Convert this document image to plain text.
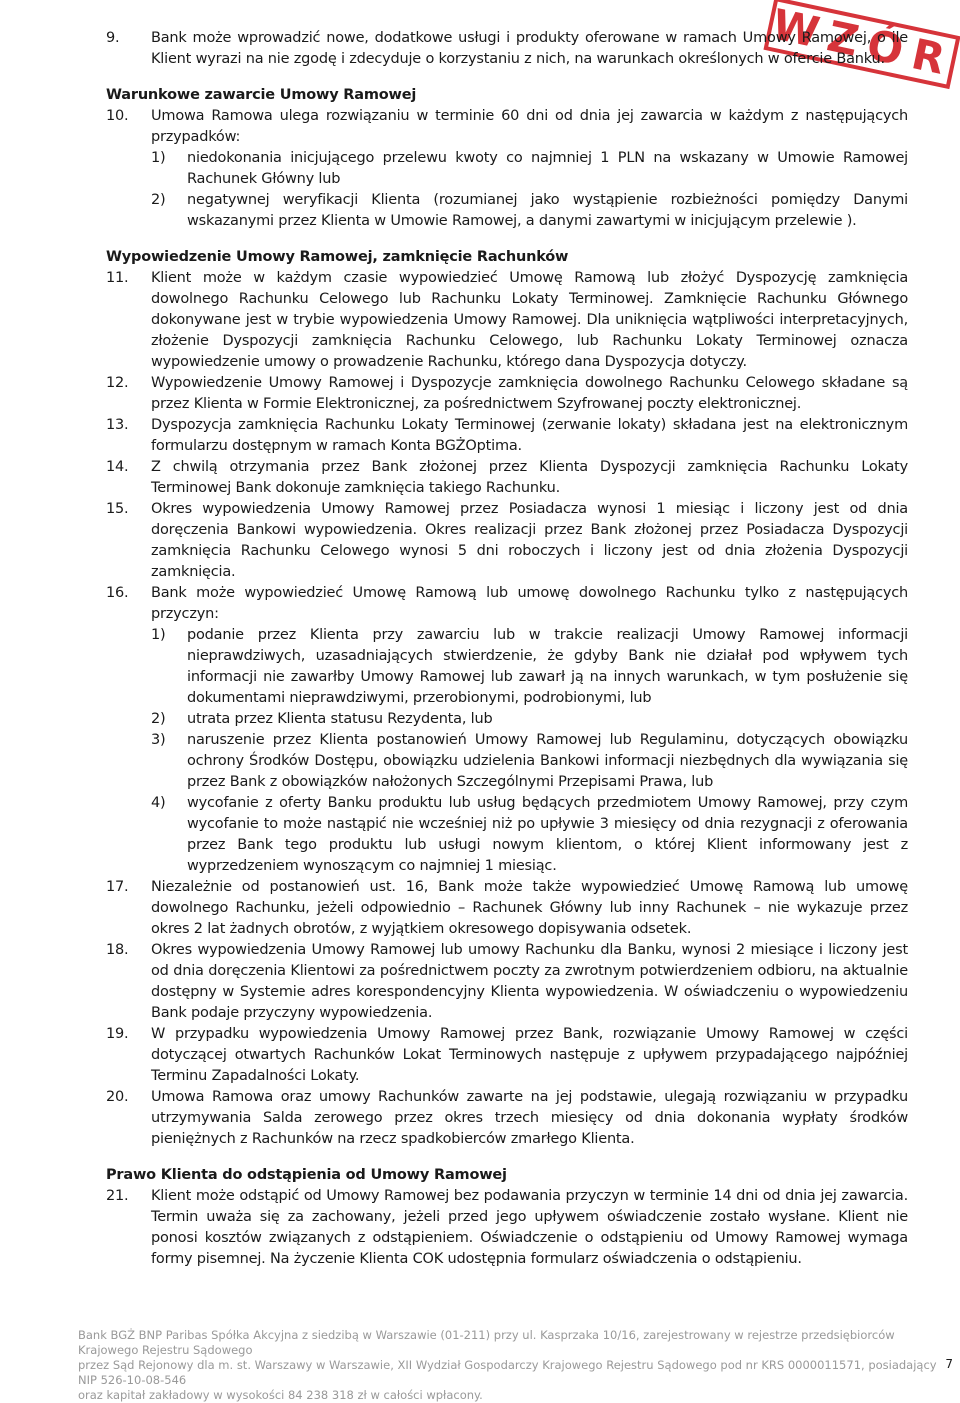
WZÓR
9.	Bank może wprowadzić nowe, dodatkowe usługi i produkty oferowane w ramach Umowy Ramowej, o ile Klient wyrazi na nie zgodę i zdecyduje o korzystaniu z nich, na warunkach określonych w ofercie Banku.
Warunkowe zawarcie Umowy Ramowej
10.	Umowa Ramowa ulega rozwiązaniu w terminie 60 dni od dnia jej zawarcia w każdym z następujących przypadków:
1)	niedokonania inicjującego przelewu kwoty co najmniej 1 PLN na wskazany w Umowie Ramowej Rachunek Główny lub
2)	negatywnej weryfikacji Klienta (rozumianej jako wystąpienie rozbieżności pomiędzy Danymi wskazanymi przez Klienta w Umowie Ramowej, a danymi zawartymi w inicjującym przelewie ).
Wypowiedzenie Umowy Ramowej, zamknięcie Rachunków
11.	Klient może w każdym czasie wypowiedzieć Umowę Ramową lub złożyć Dyspozycję zamknięcia dowolnego Rachunku Celowego lub Rachunku Lokaty Terminowej. Zamknięcie Rachunku Głównego dokonywane jest w trybie wypowiedzenia Umowy Ramowej. Dla uniknięcia wątpliwości interpretacyjnych, złożenie Dyspozycji zamknięcia Rachunku Celowego, lub Rachunku Lokaty Terminowej oznacza wypowiedzenie umowy o prowadzenie Rachunku, którego dana Dyspozycja dotyczy.
12.	Wypowiedzenie Umowy Ramowej i Dyspozycje zamknięcia dowolnego Rachunku Celowego składane są przez Klienta w Formie Elektronicznej, za pośrednictwem Szyfrowanej poczty elektronicznej.
13.	Dyspozycja zamknięcia Rachunku Lokaty Terminowej (zerwanie lokaty) składana jest na elektronicznym formularzu dostępnym w ramach Konta BGŻOptima.
14.	Z chwilą otrzymania przez Bank złożonej przez Klienta Dyspozycji zamknięcia Rachunku Lokaty Terminowej Bank dokonuje zamknięcia takiego Rachunku.
15.	Okres wypowiedzenia Umowy Ramowej przez Posiadacza wynosi 1 miesiąc i liczony jest od dnia doręczenia Bankowi wypowiedzenia. Okres realizacji przez Bank złożonej przez Posiadacza Dyspozycji zamknięcia Rachunku Celowego wynosi 5 dni roboczych i liczony jest od dnia złożenia Dyspozycji zamknięcia.
16.	Bank może wypowiedzieć Umowę Ramową lub umowę dowolnego Rachunku tylko z następujących przyczyn:
1)	podanie przez Klienta przy zawarciu lub w trakcie realizacji Umowy Ramowej informacji nieprawdziwych, uzasadniających stwierdzenie, że gdyby Bank nie działał pod wpływem tych informacji nie zawarłby Umowy Ramowej lub zawarł ją na innych warunkach, w tym posłużenie się dokumentami nieprawdziwymi, przerobionymi, podrobionymi, lub
2)	utrata przez Klienta statusu Rezydenta, lub
3)	naruszenie przez Klienta postanowień Umowy Ramowej lub Regulaminu, dotyczących obowiązku ochrony Środków Dostępu, obowiązku udzielenia Bankowi informacji niezbędnych dla wywiązania się przez Bank z obowiązków nałożonych Szczególnymi Przepisami Prawa, lub
4)	wycofanie z oferty Banku produktu lub usług będących przedmiotem Umowy Ramowej, przy czym wycofanie to może nastąpić nie wcześniej niż po upływie 3 miesięcy od dnia rezygnacji z oferowania przez Bank tego produktu lub usługi nowym klientom, o której Klient informowany jest z wyprzedzeniem wynoszącym co najmniej 1 miesiąc.
17.	Niezależnie od postanowień ust. 16, Bank może także wypowiedzieć Umowę Ramową lub umowę dowolnego Rachunku, jeżeli odpowiednio – Rachunek Główny lub inny Rachunek – nie wykazuje przez okres 2 lat żadnych obrotów, z wyjątkiem okresowego dopisywania odsetek.
18.	Okres wypowiedzenia Umowy Ramowej lub umowy Rachunku dla Banku, wynosi 2 miesiące i liczony jest od dnia doręczenia Klientowi za pośrednictwem poczty za zwrotnym potwierdzeniem odbioru, na aktualnie dostępny w Systemie adres korespondencyjny Klienta wypowiedzenia. W oświadczeniu o wypowiedzeniu Bank podaje przyczyny wypowiedzenia.
19.	W przypadku wypowiedzenia Umowy Ramowej przez Bank, rozwiązanie Umowy Ramowej w części dotyczącej otwartych Rachunków Lokat Terminowych następuje z upływem przypadającego najpóźniej Terminu Zapadalności Lokaty.
20.	Umowa Ramowa oraz umowy Rachunków zawarte na jej podstawie, ulegają rozwiązaniu w przypadku utrzymywania Salda zerowego przez okres trzech miesięcy od dnia dokonania wypłaty środków pieniężnych z Rachunków na rzecz spadkobierców zmarłego Klienta.
Prawo Klienta do odstąpienia od Umowy Ramowej
21.	Klient może odstąpić od Umowy Ramowej bez podawania przyczyn w terminie 14 dni od dnia jej zawarcia. Termin uważa się za zachowany, jeżeli przed jego upływem oświadczenie zostało wysłane. Klient nie ponosi kosztów związanych z odstąpieniem. Oświadczenie o odstąpieniu od Umowy Ramowej wymaga formy pisemnej. Na życzenie Klienta COK udostępnia formularz oświadczenia o odstąpieniu.
Bank BGŻ BNP Paribas Spółka Akcyjna z siedzibą w Warszawie (01-211) przy ul. Kasprzaka 10/16, zarejestrowany w rejestrze przedsiębiorców Krajowego Rejestru Sądowego
przez Sąd Rejonowy dla m. st. Warszawy w Warszawie, XII Wydział Gospodarczy Krajowego Rejestru Sądowego pod nr KRS 0000011571, posiadający NIP 526-10-08-546
oraz kapitał zakładowy w wysokości 84 238 318 zł w całości wpłacony.
7
